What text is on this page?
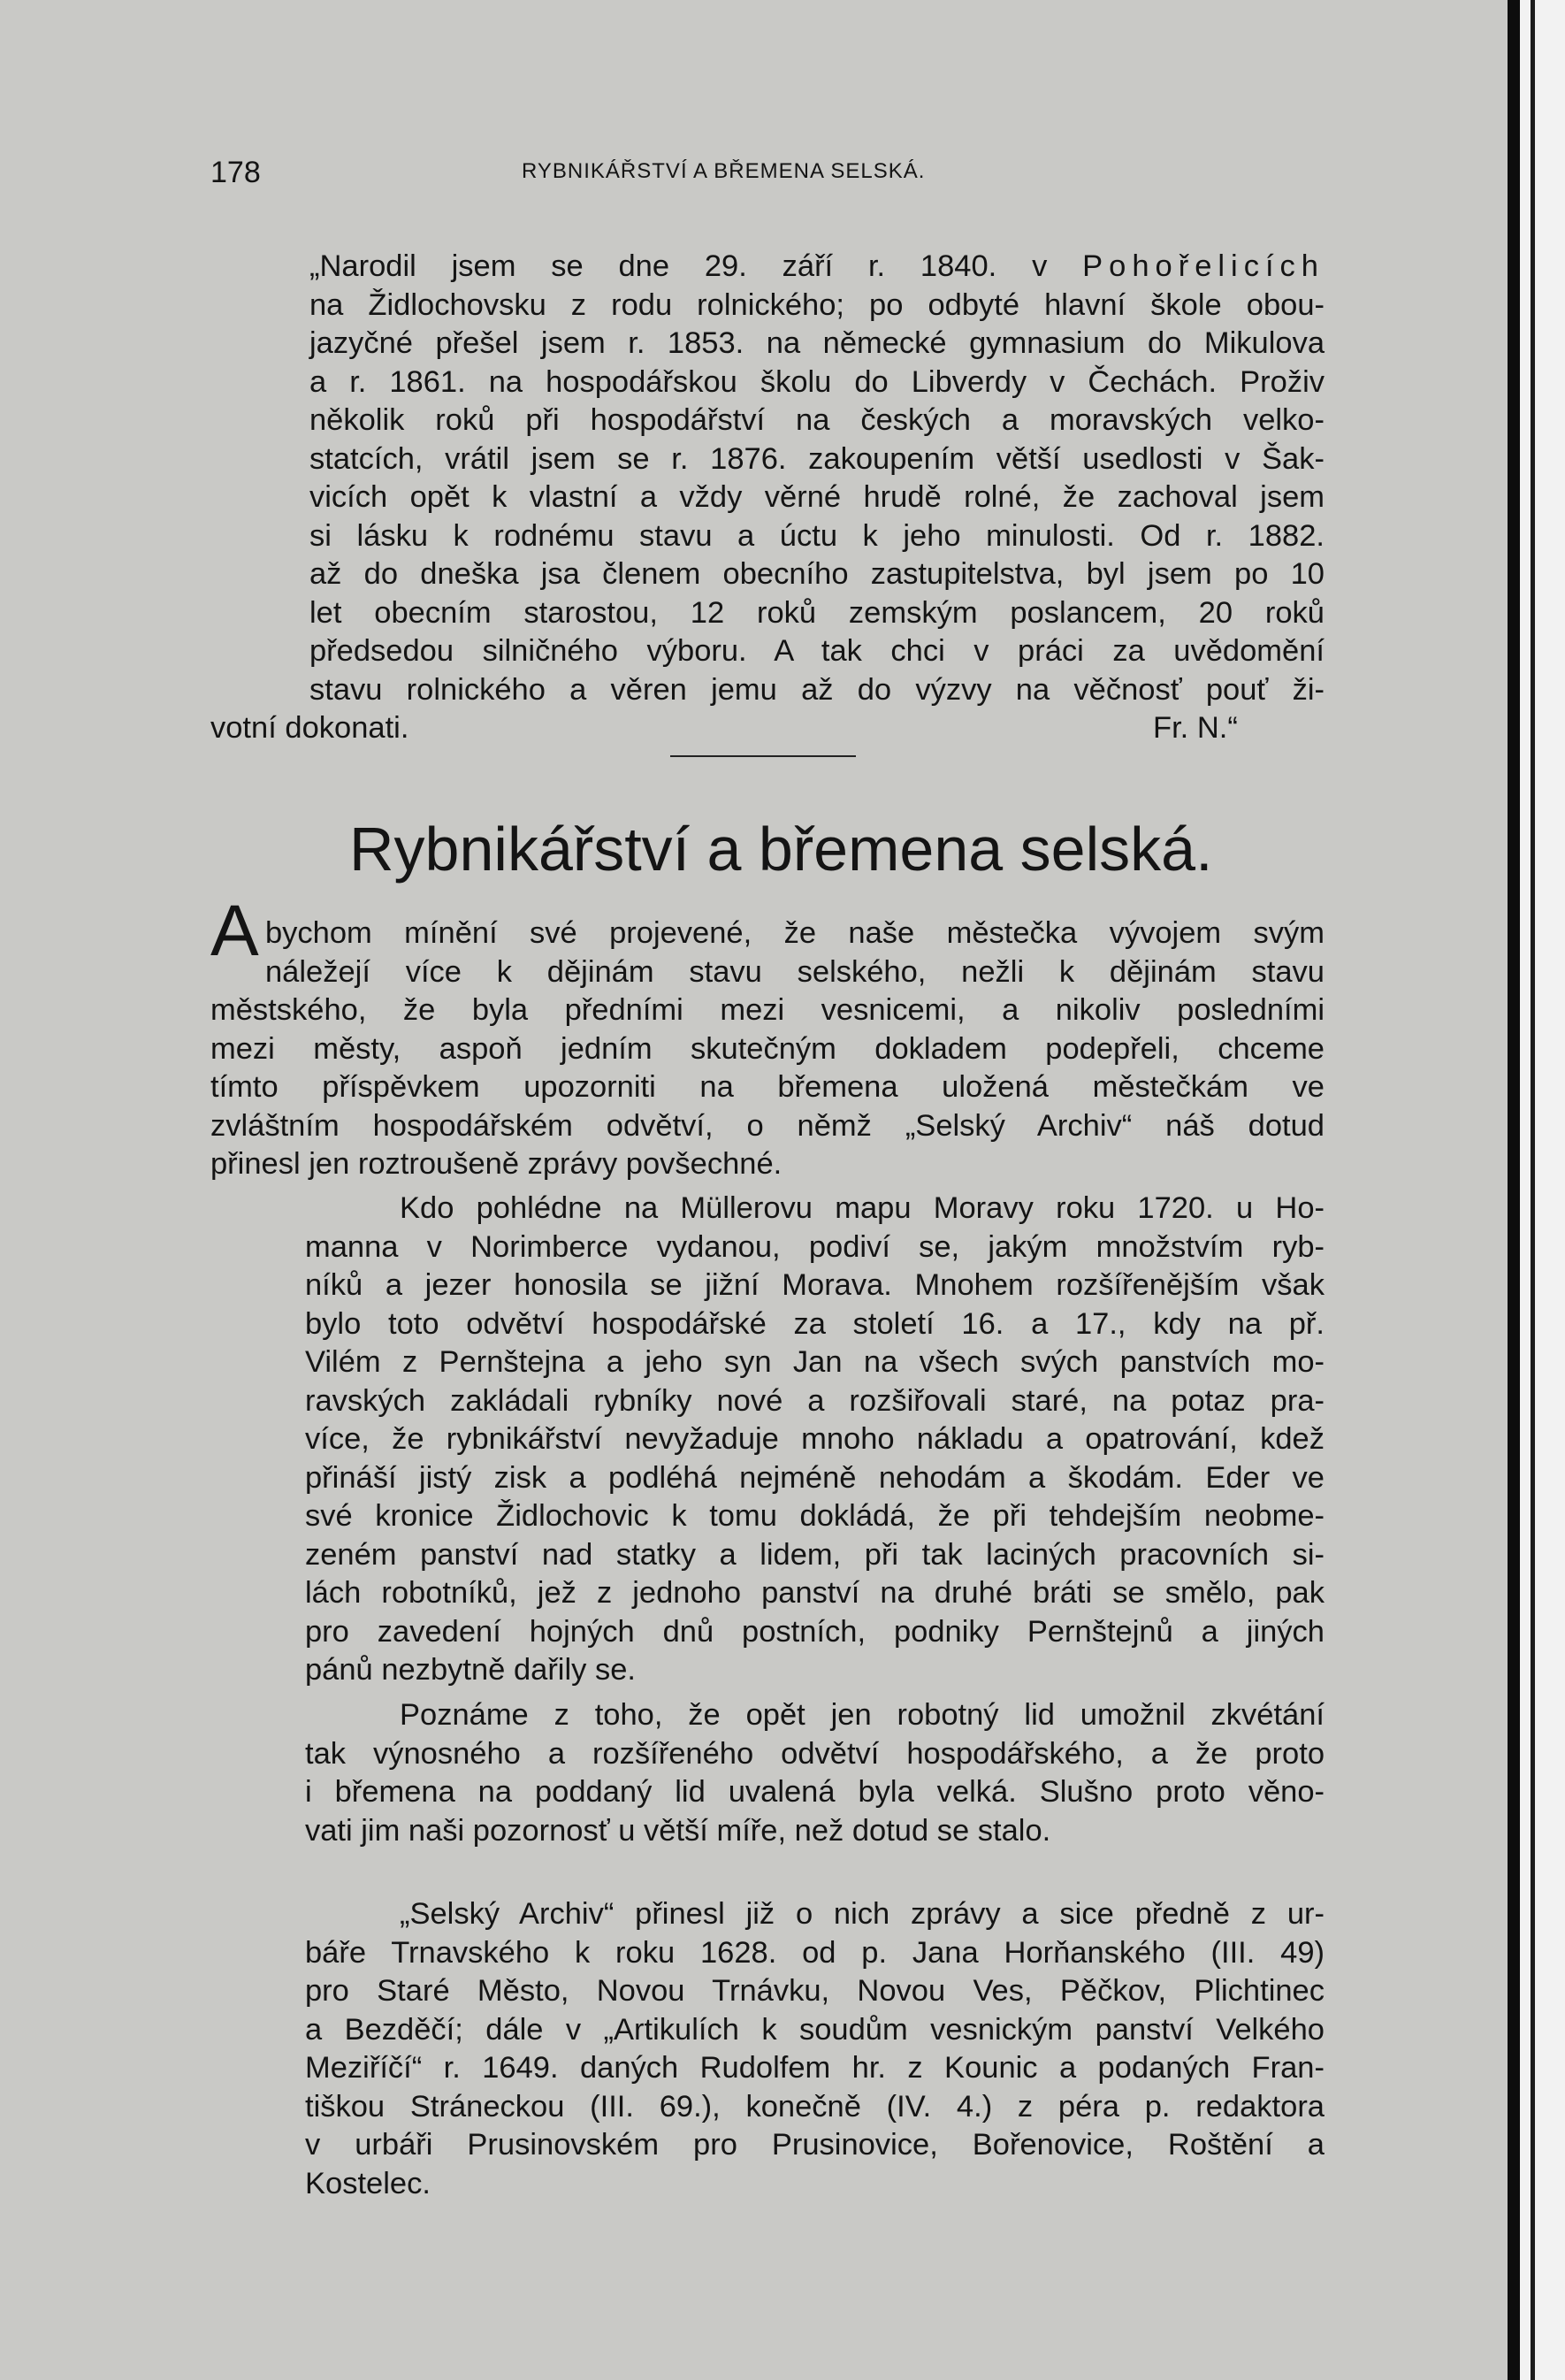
178	RYBNIKÁŘSTVÍ A BŘEMENA SELSKÁ.
„Narodil jsem se dne 29. září r. 1840. v Pohořelicích
na Židlochovsku z rodu rolnického; po odbyté hlavní škole obou-
jazyčné přešel jsem r. 1853. na německé gymnasium do Mikulova
a r. 1861. na hospodářskou školu do Libverdy v Čechách. Proživ
několik roků při hospodářství na českých a moravských velko-
statcích, vrátil jsem se r. 1876. zakoupením větší usedlosti v Šak-
vicích opět k vlastní a vždy věrné hrudě rolné, že zachoval jsem
si lásku k rodnému stavu a úctu k jeho minulosti. Od r. 1882.
až do dneška jsa členem obecního zastupitelstva, byl jsem po 10
let obecním starostou, 12 roků zemským poslancem, 20 roků
předsedou silničného výboru. A tak chci v práci za uvědomění
stavu rolnického a věren jemu až do výzvy na věčnosť pouť ži-
votní dokonati.	Fr. N.“
Rybnikářství a břemena selská.
A bychom mínění své projevené, že naše městečka vývojem svým
náležejí více k dějinám stavu selského, nežli k dějinám stavu
městského, že byla předními mezi vesnicemi, a nikoliv posledními
mezi městy, aspoň jedním skutečným dokladem podepřeli, chceme
tímto příspěvkem upozorniti na břemena uložená městečkám ve
zvláštním hospodářském odvětví, o němž „Selský Archiv“ náš dotud
přinesl jen roztroušeně zprávy povšechné.
Kdo pohlédne na Müllerovu mapu Moravy roku 1720. u Ho-
manna v Norimberce vydanou, podiví se, jakým množstvím ryb-
níků a jezer honosila se jižní Morava. Mnohem rozšířenějším však
bylo toto odvětví hospodářské za století 16. a 17., kdy na př.
Vilém z Pernštejna a jeho syn Jan na všech svých panstvích mo-
ravských zakládali rybníky nové a rozšiřovali staré, na potaz pra-
více, že rybnikářství nevyžaduje mnoho nákladu a opatrování, kdež
přináší jistý zisk a podléhá nejméně nehodám a škodám. Eder ve
své kronice Židlochovic k tomu dokládá, že při tehdejším neobme-
zeném panství nad statky a lidem, při tak laciných pracovních si-
lách robotníků, jež z jednoho panství na druhé bráti se smělo, pak
pro zavedení hojných dnů postních, podniky Pernštejnů a jiných
pánů nezbytně dařily se.
Poznáme z toho, že opět jen robotný lid umožnil zkvétání
tak výnosného a rozšířeného odvětví hospodářského, a že proto
i břemena na poddaný lid uvalená byla velká. Slušno proto věno-
vati jim naši pozornosť u větší míře, než dotud se stalo.
„Selský Archiv“ přinesl již o nich zprávy a sice předně z ur-
báře Trnavského k roku 1628. od p. Jana Horňanského (III. 49)
pro Staré Město, Novou Trnávku, Novou Ves, Pěčkov, Plichtinec
a Bezděčí; dále v „Artikulích k soudům vesnickým panství Velkého
Meziříčí“ r. 1649. daných Rudolfem hr. z Kounic a podaných Fran-
tiškou Stráneckou (III. 69.), konečně (IV. 4.) z péra p. redaktora
v urbáři Prusinovském pro Prusinovice, Bořenovice, Roštění a
Kostelec.
